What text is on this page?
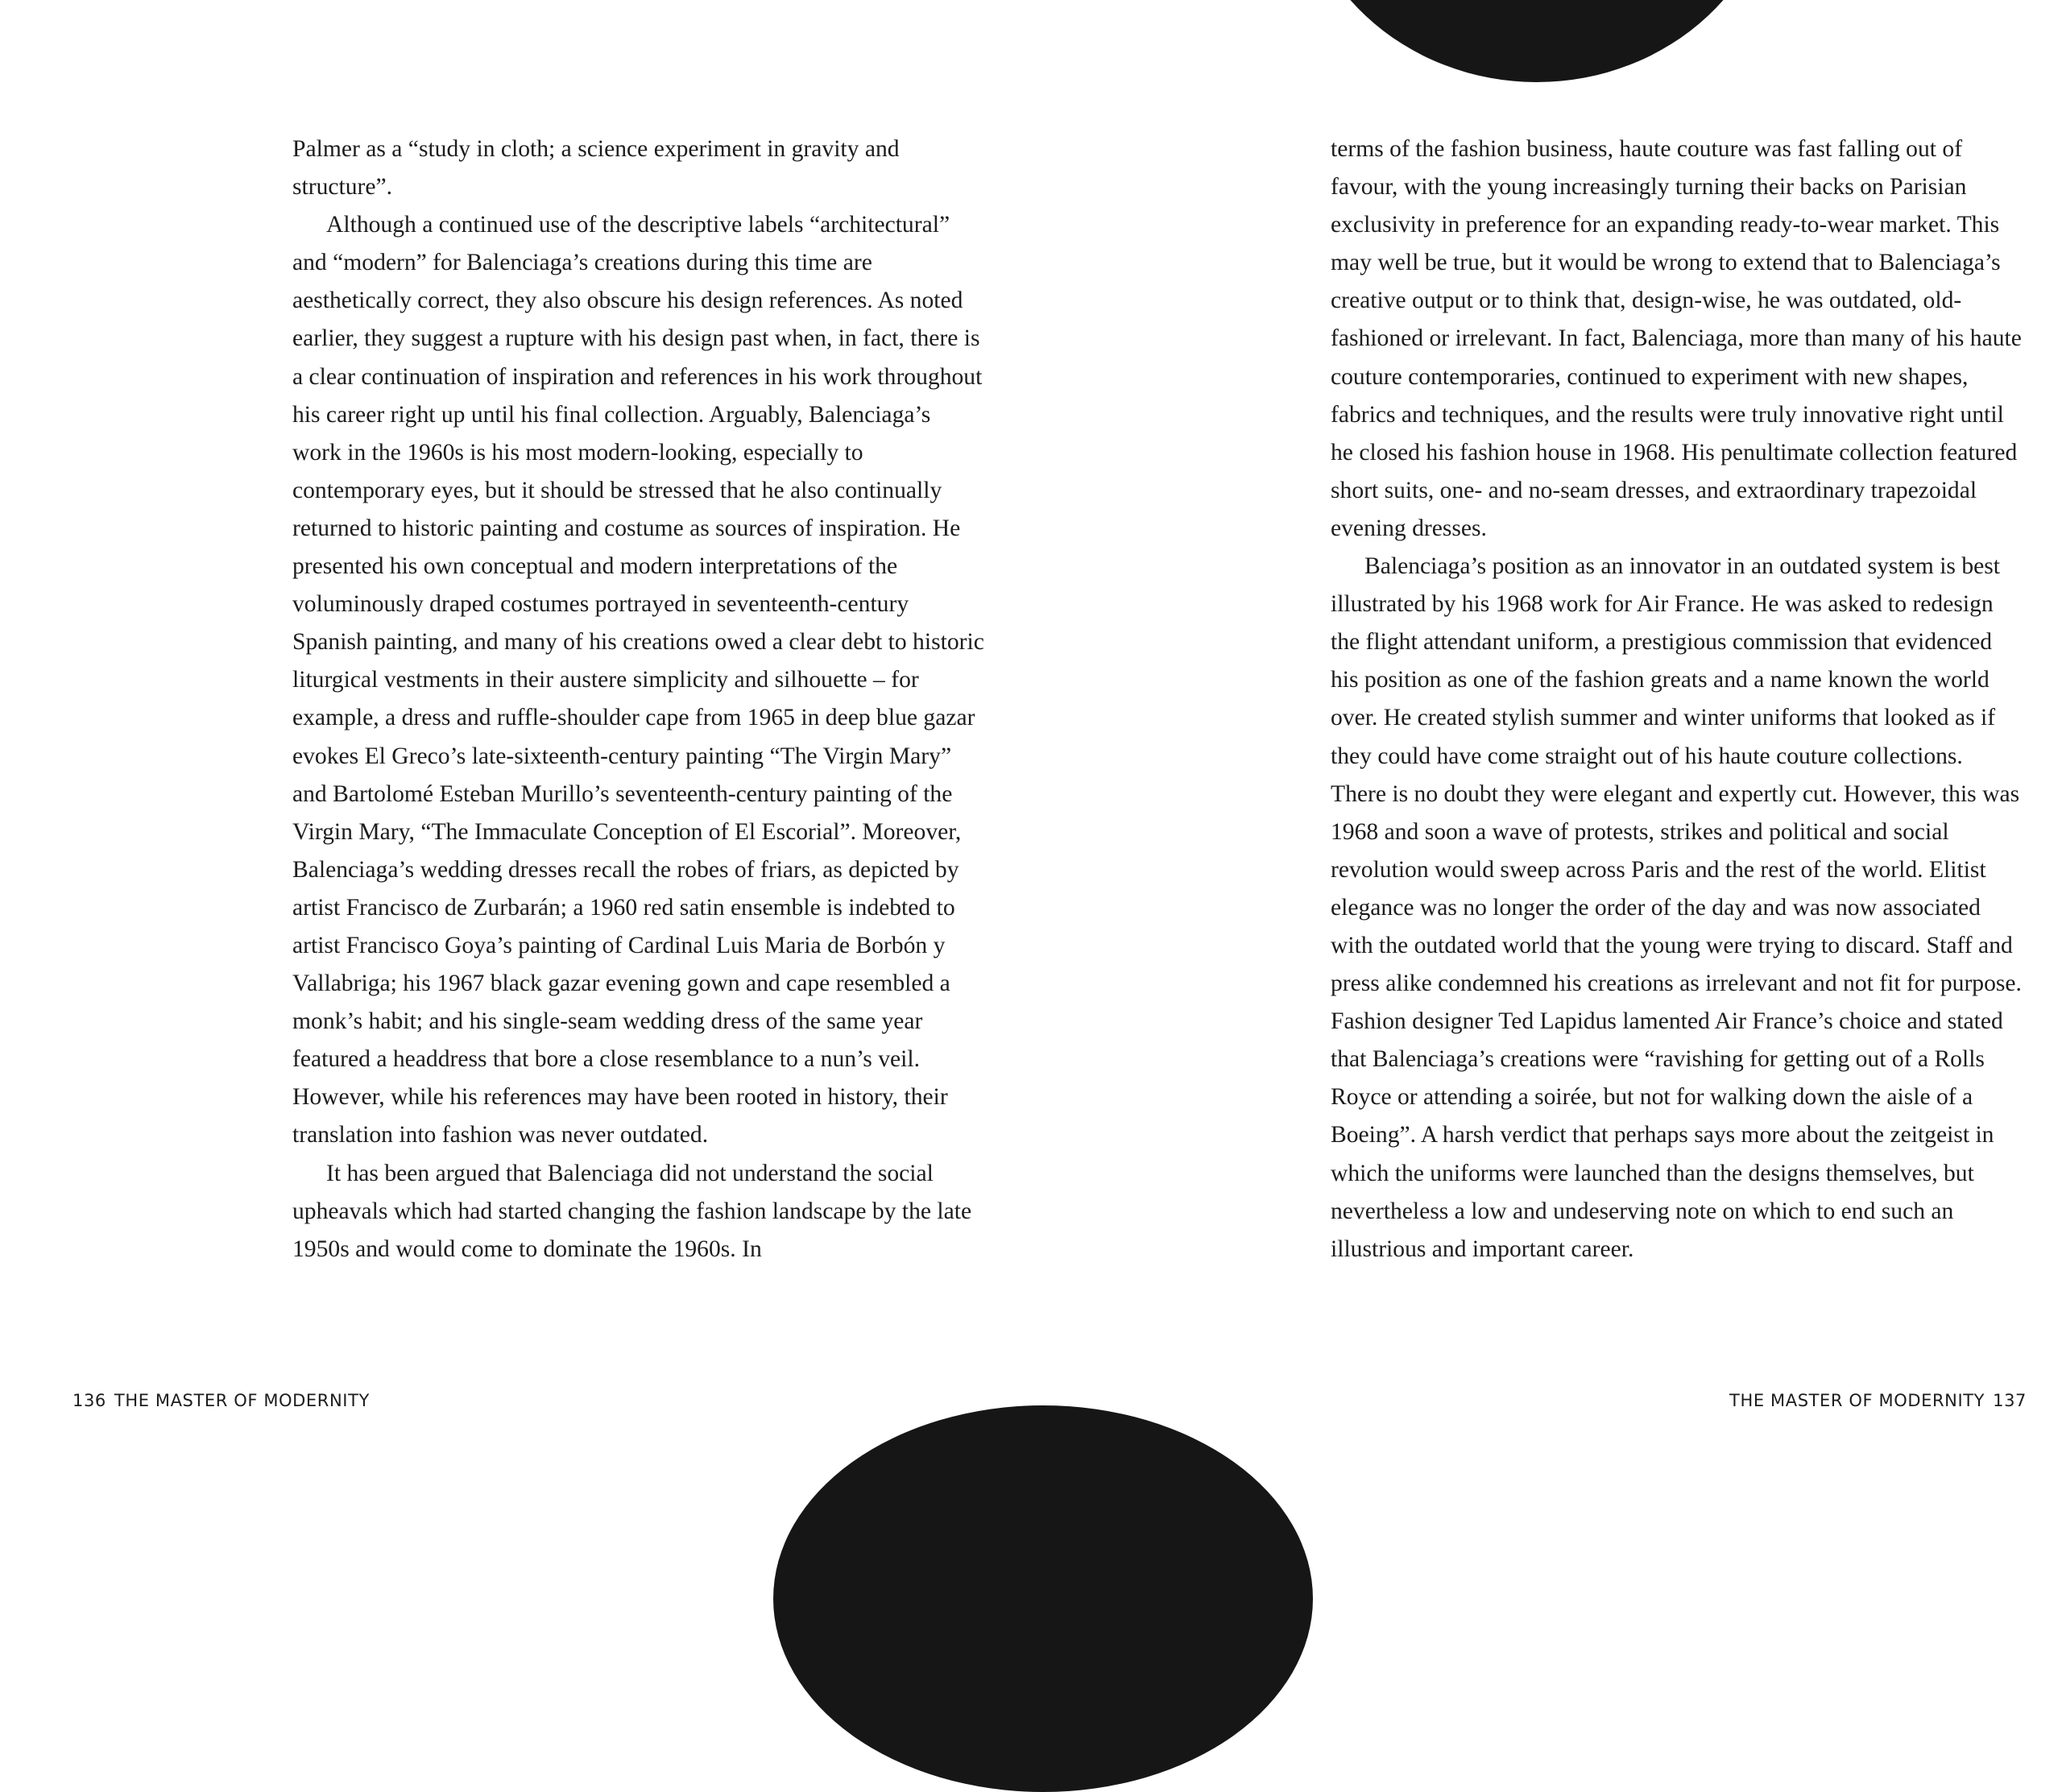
Palmer as a “study in cloth; a science experiment in gravity and structure”.

Although a continued use of the descriptive labels “architectural” and “modern” for Balenciaga’s creations during this time are aesthetically correct, they also obscure his design references. As noted earlier, they suggest a rupture with his design past when, in fact, there is a clear continuation of inspiration and references in his work throughout his career right up until his final collection. Arguably, Balenciaga’s work in the 1960s is his most modern-looking, especially to contemporary eyes, but it should be stressed that he also continually returned to historic painting and costume as sources of inspiration. He presented his own conceptual and modern interpretations of the voluminously draped costumes portrayed in seventeenth-century Spanish painting, and many of his creations owed a clear debt to historic liturgical vestments in their austere simplicity and silhouette – for example, a dress and ruffle-shoulder cape from 1965 in deep blue gazar evokes El Greco’s late-sixteenth-century painting “The Virgin Mary” and Bartolomé Esteban Murillo’s seventeenth-century painting of the Virgin Mary, “The Immaculate Conception of El Escorial”. Moreover, Balenciaga’s wedding dresses recall the robes of friars, as depicted by artist Francisco de Zurbarán; a 1960 red satin ensemble is indebted to artist Francisco Goya’s painting of Cardinal Luis Maria de Borbón y Vallabriga; his 1967 black gazar evening gown and cape resembled a monk’s habit; and his single-seam wedding dress of the same year featured a headdress that bore a close resemblance to a nun’s veil. However, while his references may have been rooted in history, their translation into fashion was never outdated.

It has been argued that Balenciaga did not understand the social upheavals which had started changing the fashion landscape by the late 1950s and would come to dominate the 1960s. In

136 THE MASTER OF MODERNITY

terms of the fashion business, haute couture was fast falling out of favour, with the young increasingly turning their backs on Parisian exclusivity in preference for an expanding ready-to-wear market. This may well be true, but it would be wrong to extend that to Balenciaga’s creative output or to think that, design-wise, he was outdated, old-fashioned or irrelevant. In fact, Balenciaga, more than many of his haute couture contemporaries, continued to experiment with new shapes, fabrics and techniques, and the results were truly innovative right until he closed his fashion house in 1968. His penultimate collection featured short suits, one- and no-seam dresses, and extraordinary trapezoidal evening dresses.

Balenciaga’s position as an innovator in an outdated system is best illustrated by his 1968 work for Air France. He was asked to redesign the flight attendant uniform, a prestigious commission that evidenced his position as one of the fashion greats and a name known the world over. He created stylish summer and winter uniforms that looked as if they could have come straight out of his haute couture collections. There is no doubt they were elegant and expertly cut. However, this was 1968 and soon a wave of protests, strikes and political and social revolution would sweep across Paris and the rest of the world. Elitist elegance was no longer the order of the day and was now associated with the outdated world that the young were trying to discard. Staff and press alike condemned his creations as irrelevant and not fit for purpose. Fashion designer Ted Lapidus lamented Air France’s choice and stated that Balenciaga’s creations were “ravishing for getting out of a Rolls Royce or attending a soirée, but not for walking down the aisle of a Boeing”. A harsh verdict that perhaps says more about the zeitgeist in which the uniforms were launched than the designs themselves, but nevertheless a low and undeserving note on which to end such an illustrious and important career.

THE MASTER OF MODERNITY 137
